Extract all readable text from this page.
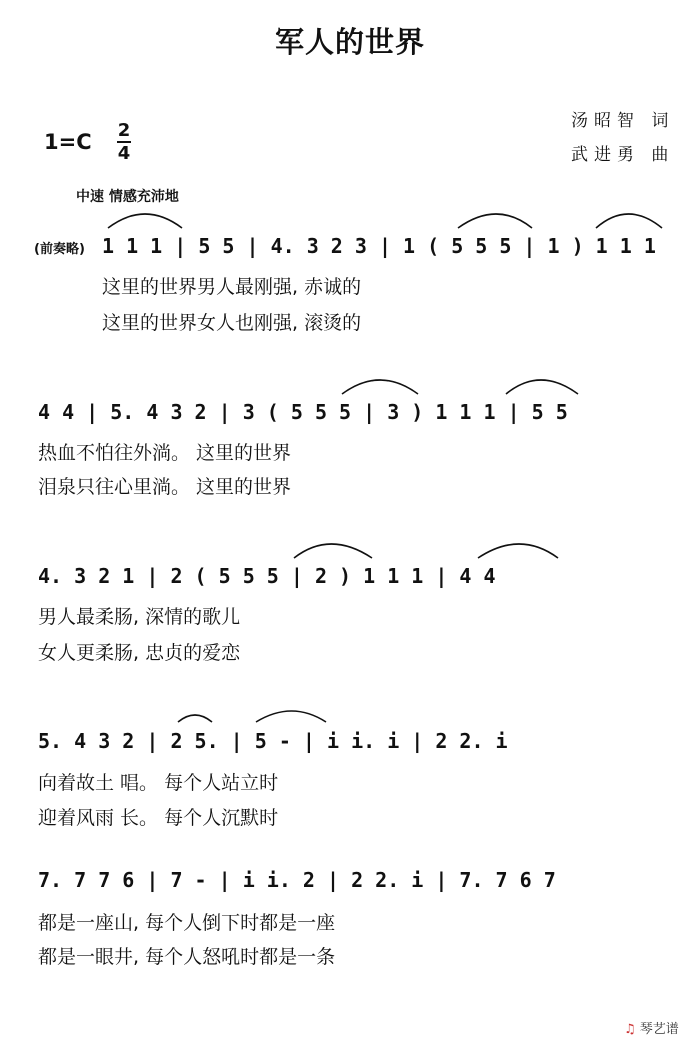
军人的世界
汤昭智 词
武进勇 曲
1=C 2
4
中速 情感充沛地
(前奏略) 1 1 1 | 5 5 | 4. 3 2 3 | 1 ( 5 5 5 | 1 ) 1 1 1
这里的世界男人最刚强, 赤诚的
这里的世界女人也刚强, 滚烫的
4 4 | 5. 4 3 2 | 3 ( 5 5 5 | 3 ) 1 1 1 | 5 5
热血不怕往外淌。 这里的世界
泪泉只往心里淌。 这里的世界
4. 3 2 1 | 2 ( 5 5 5 | 2 ) 1 1 1 | 4 4
男人最柔肠, 深情的歌儿
女人更柔肠, 忠贞的爱恋
5. 4 3 2 | 2 5. | 5 - | i i. i | 2 2. i
向着故土 唱。 每个人站立时
迎着风雨 长。 每个人沉默时
7. 7 7 6 | 7 - | i i. 2 | 2 2. i | 7. 7 6 7
都是一座山, 每个人倒下时都是一座
都是一眼井, 每个人怒吼时都是一条
♫ 琴艺谱
